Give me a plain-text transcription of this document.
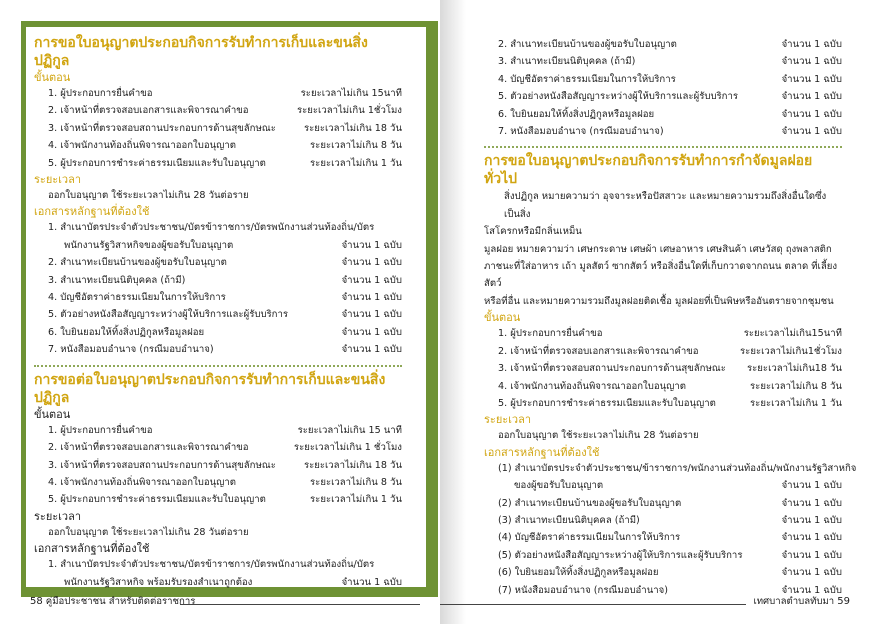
การขอใบอนุญาตประกอบกิจการรับทำการเก็บและขนสิ่งปฏิกูล
ขั้นตอน
1. ผู้ประกอบการยื่นคำขอ	ระยะเวลาไม่เกิน 15นาที
2. เจ้าหน้าที่ตรวจสอบเอกสารและพิจารณาคำขอ	ระยะเวลาไม่เกิน 1ชั่วโมง
3. เจ้าหน้าที่ตรวจสอบสถานประกอบการด้านสุขลักษณะ	ระยะเวลาไม่เกิน 18 วัน
4. เจ้าพนักงานท้องถิ่นพิจารณาออกใบอนุญาต	ระยะเวลาไม่เกิน 8 วัน
5. ผู้ประกอบการชำระค่าธรรมเนียมและรับใบอนุญาต	ระยะเวลาไม่เกิน 1 วัน
ระยะเวลา
ออกใบอนุญาต ใช้ระยะเวลาไม่เกิน 28 วันต่อราย
เอกสารหลักฐานที่ต้องใช้
1. สำเนาบัตรประจำตัวประชาชน/บัตรข้าราชการ/บัตรพนักงานส่วนท้องถิ่น/บัตร
พนักงานรัฐวิสาหกิจของผู้ขอรับใบอนุญาต	จำนวน 1 ฉบับ
2. สำเนาทะเบียนบ้านของผู้ขอรับใบอนุญาต	จำนวน 1 ฉบับ
3. สำเนาทะเบียนนิติบุคคล (ถ้ามี)	จำนวน 1 ฉบับ
4. บัญชีอัตราค่าธรรมเนียมในการให้บริการ	จำนวน 1 ฉบับ
5. ตัวอย่างหนังสือสัญญาระหว่างผู้ให้บริการและผู้รับบริการ	จำนวน 1 ฉบับ
6. ใบยินยอมให้ทิ้งสิ่งปฏิกูลหรือมูลฝอย	จำนวน 1 ฉบับ
7. หนังสือมอบอำนาจ (กรณีมอบอำนาจ)	จำนวน 1 ฉบับ
การขอต่อใบอนุญาตประกอบกิจการรับทำการเก็บและขนสิ่งปฏิกูล
ขั้นตอน
1. ผู้ประกอบการยื่นคำขอ	ระยะเวลาไม่เกิน 15 นาที
2. เจ้าหน้าที่ตรวจสอบเอกสารและพิจารณาคำขอ	ระยะเวลาไม่เกิน 1 ชั่วโมง
3. เจ้าหน้าที่ตรวจสอบสถานประกอบการด้านสุขลักษณะ	ระยะเวลาไม่เกิน 18 วัน
4. เจ้าพนักงานท้องถิ่นพิจารณาออกใบอนุญาต	ระยะเวลาไม่เกิน 8 วัน
5. ผู้ประกอบการชำระค่าธรรมเนียมและรับใบอนุญาต	ระยะเวลาไม่เกิน 1 วัน
ระยะเวลา
ออกใบอนุญาต ใช้ระยะเวลาไม่เกิน 28 วันต่อราย
เอกสารหลักฐานที่ต้องใช้
1. สำเนาบัตรประจำตัวประชาชน/บัตรข้าราชการ/บัตรพนักงานส่วนท้องถิ่น/บัตร
พนักงานรัฐวิสาหกิจ พร้อมรับรองสำเนาถูกต้อง	จำนวน 1 ฉบับ
58 คู่มือประชาชน สำหรับติดต่อราชการ
2. สำเนาทะเบียนบ้านของผู้ขอรับใบอนุญาต	จำนวน 1 ฉบับ
3. สำเนาทะเบียนนิติบุคคล (ถ้ามี)	จำนวน 1 ฉบับ
4. บัญชีอัตราค่าธรรมเนียมในการให้บริการ	จำนวน 1 ฉบับ
5. ตัวอย่างหนังสือสัญญาระหว่างผู้ให้บริการและผู้รับบริการ	จำนวน 1 ฉบับ
6. ใบยินยอมให้ทิ้งสิ่งปฏิกูลหรือมูลฝอย	จำนวน 1 ฉบับ
7. หนังสือมอบอำนาจ (กรณีมอบอำนาจ)	จำนวน 1 ฉบับ
การขอใบอนุญาตประกอบกิจการรับทำการกำจัดมูลฝอยทั่วไป
สิ่งปฏิกูล หมายความว่า อุจจาระหรือปัสสาวะ และหมายความรวมถึงสิ่งอื่นใดซึ่งเป็นสิ่ง
โสโครกหรือมีกลิ่นเหม็น
มูลฝอย หมายความว่า เศษกระดาษ เศษผ้า เศษอาหาร เศษสินค้า เศษวัสดุ ถุงพลาสติก
ภาชนะที่ใส่อาหาร เถ้า มูลสัตว์ ซากสัตว์ หรือสิ่งอื่นใดที่เก็บกวาดจากถนน ตลาด ที่เลี้ยงสัตว์
หรือที่อื่น และหมายความรวมถึงมูลฝอยติดเชื้อ มูลฝอยที่เป็นพิษหรืออันตรายจากชุมชน
ขั้นตอน
1. ผู้ประกอบการยื่นคำขอ	ระยะเวลาไม่เกิน15นาที
2. เจ้าหน้าที่ตรวจสอบเอกสารและพิจารณาคำขอ	ระยะเวลาไม่เกิน1ชั่วโมง
3. เจ้าหน้าที่ตรวจสอบสถานประกอบการด้านสุขลักษณะ ระยะเวลาไม่เกิน18 วัน
4. เจ้าพนักงานท้องถิ่นพิจารณาออกใบอนุญาต	ระยะเวลาไม่เกิน 8 วัน
5. ผู้ประกอบการชำระค่าธรรมเนียมและรับใบอนุญาต	ระยะเวลาไม่เกิน 1 วัน
ระยะเวลา
ออกใบอนุญาต ใช้ระยะเวลาไม่เกิน 28 วันต่อราย
เอกสารหลักฐานที่ต้องใช้
(1) สำเนาบัตรประจำตัวประชาชน/ข้าราชการ/พนักงานส่วนท้องถิ่น/พนักงานรัฐวิสาหกิจ
ของผู้ขอรับใบอนุญาต	จำนวน 1 ฉบับ
(2) สำเนาทะเบียนบ้านของผู้ขอรับใบอนุญาต	จำนวน 1 ฉบับ
(3) สำเนาทะเบียนนิติบุคคล (ถ้ามี)	จำนวน 1 ฉบับ
(4) บัญชีอัตราค่าธรรมเนียมในการให้บริการ	จำนวน 1 ฉบับ
(5) ตัวอย่างหนังสือสัญญาระหว่างผู้ให้บริการและผู้รับบริการ	จำนวน 1 ฉบับ
(6) ใบยินยอมให้ทิ้งสิ่งปฏิกูลหรือมูลฝอย	จำนวน 1 ฉบับ
(7) หนังสือมอบอำนาจ (กรณีมอบอำนาจ)	จำนวน 1 ฉบับ
เทศบาลตำบลทับมา 59
